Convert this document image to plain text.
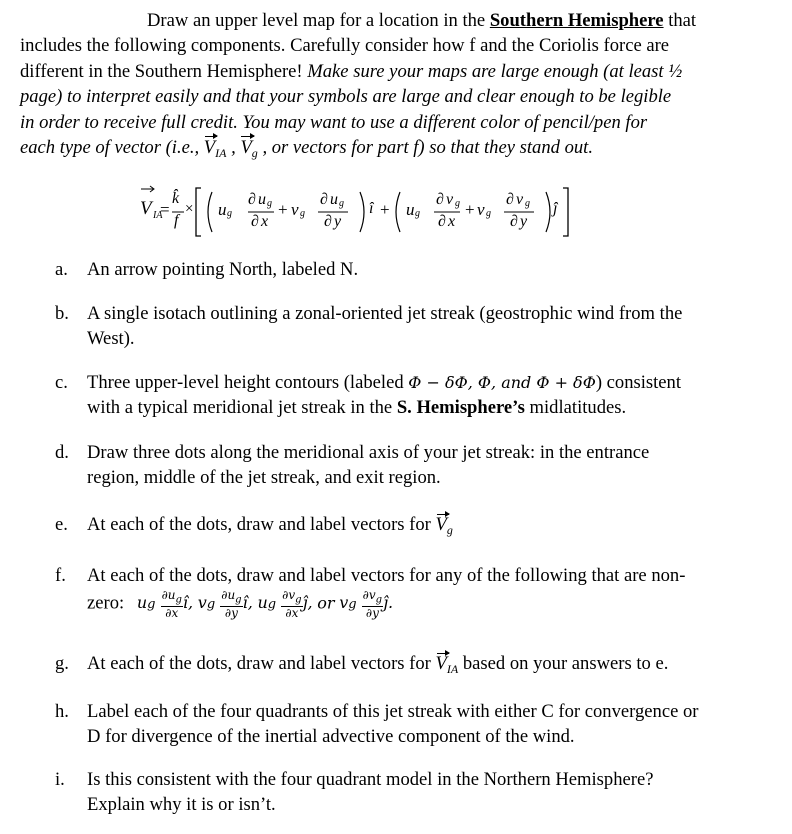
Draw an upper level map for a location in the Southern Hemisphere that
includes the following components. Carefully consider how f and the Coriolis force are
different in the Southern Hemisphere! Make sure your maps are large enough (at least ½
page) to interpret easily and that your symbols are large and clear enough to be legible
in order to receive full credit. You may want to use a different color of pencil/pen for
each type of vector (i.e., $V_{IA}$ , $V_g$ , or vectors for part f) so that they stand out.
V IA
=
k̂
f
× u g
∂ u g
∂ x
+ v g
∂ u g
∂ y
î + u g
∂ v g
∂ x
+ v g
∂ v g
∂ y
ĵ
a.	An arrow pointing North, labeled N.
b. A single isotach outlining a zonal-oriented jet streak (geostrophic wind from the
West).
c.	Three upper-level height contours (labeled Φ − δΦ, Φ, and Φ + δΦ) consistent
with a typical meridional jet streak in the S. Hemisphere’s midlatitudes.
d. Draw three dots along the meridional axis of your jet streak: in the entrance
region, middle of the jet streak, and exit region.
e.	At each of the dots, draw and label vectors for $V_g$
f.	At each of the dots, draw and label vectors for any of the following that are non-
zero: ug $\frac{\partial u_g}{\partial x}$ î, vg $\frac{\partial u_g}{\partial y}$ î, ug $\frac{\partial v_g}{\partial x}$ ĵ, or vg $\frac{\partial v_g}{\partial y}$ ĵ.
g. At each of the dots, draw and label vectors for $V_{IA}$ based on your answers to e.
h. Label each of the four quadrants of this jet streak with either C for convergence or
D for divergence of the inertial advective component of the wind.
i.	Is this consistent with the four quadrant model in the Northern Hemisphere?
Explain why it is or isn’t.
